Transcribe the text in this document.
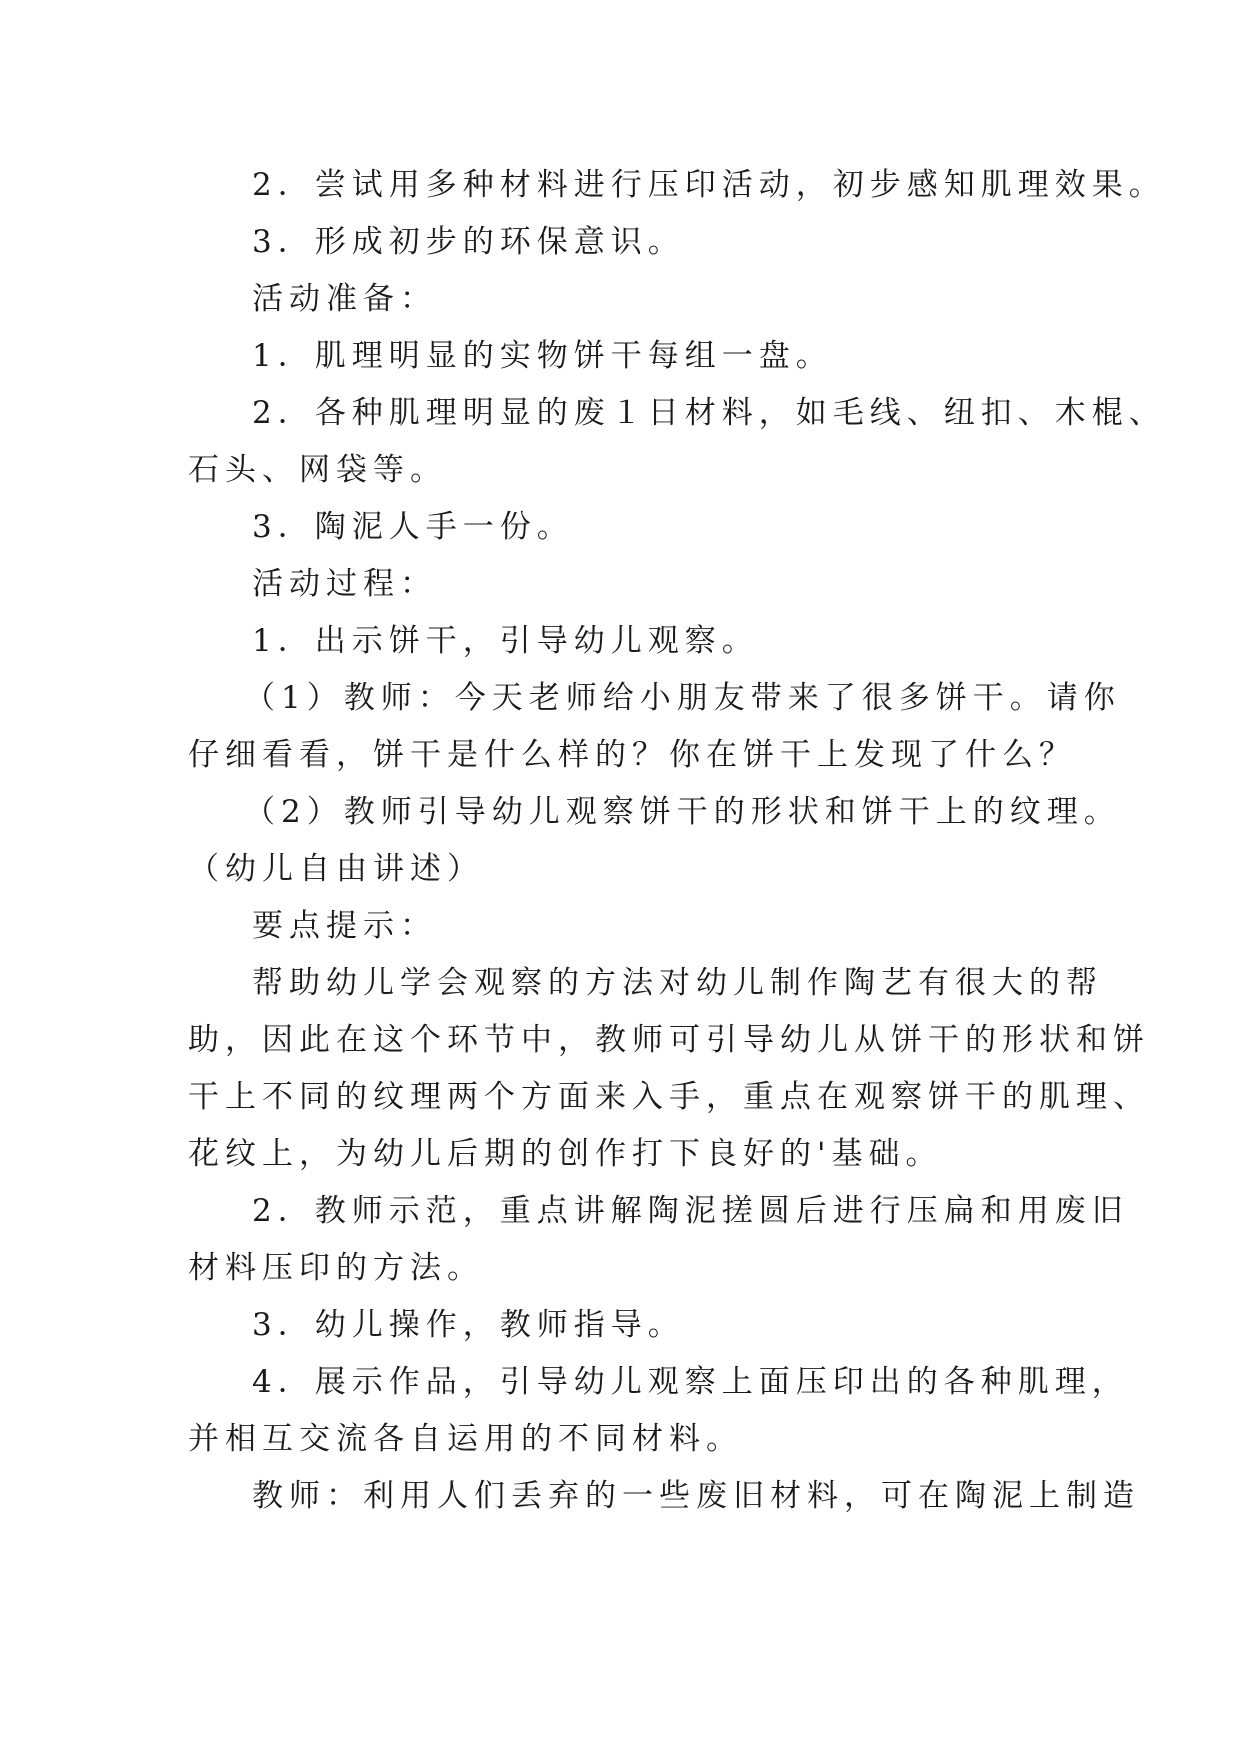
2．尝试用多种材料进行压印活动，初步感知肌理效果。
3．形成初步的环保意识。
活动准备：
1．肌理明显的实物饼干每组一盘。
2．各种肌理明显的废１日材料，如毛线、纽扣、木棍、
石头、网袋等。
3．陶泥人手一份。
活动过程：
1．出示饼干，引导幼儿观察。
（1）教师：今天老师给小朋友带来了很多饼干。请你
仔细看看，饼干是什么样的？你在饼干上发现了什么？
（2）教师引导幼儿观察饼干的形状和饼干上的纹理。
（幼儿自由讲述）
要点提示：
帮助幼儿学会观察的方法对幼儿制作陶艺有很大的帮
助，因此在这个环节中，教师可引导幼儿从饼干的形状和饼
干上不同的纹理两个方面来入手，重点在观察饼干的肌理、
花纹上，为幼儿后期的创作打下良好的'基础。
2．教师示范，重点讲解陶泥搓圆后进行压扁和用废旧
材料压印的方法。
3．幼儿操作，教师指导。
4．展示作品，引导幼儿观察上面压印出的各种肌理，
并相互交流各自运用的不同材料。
教师：利用人们丢弃的一些废旧材料，可在陶泥上制造
